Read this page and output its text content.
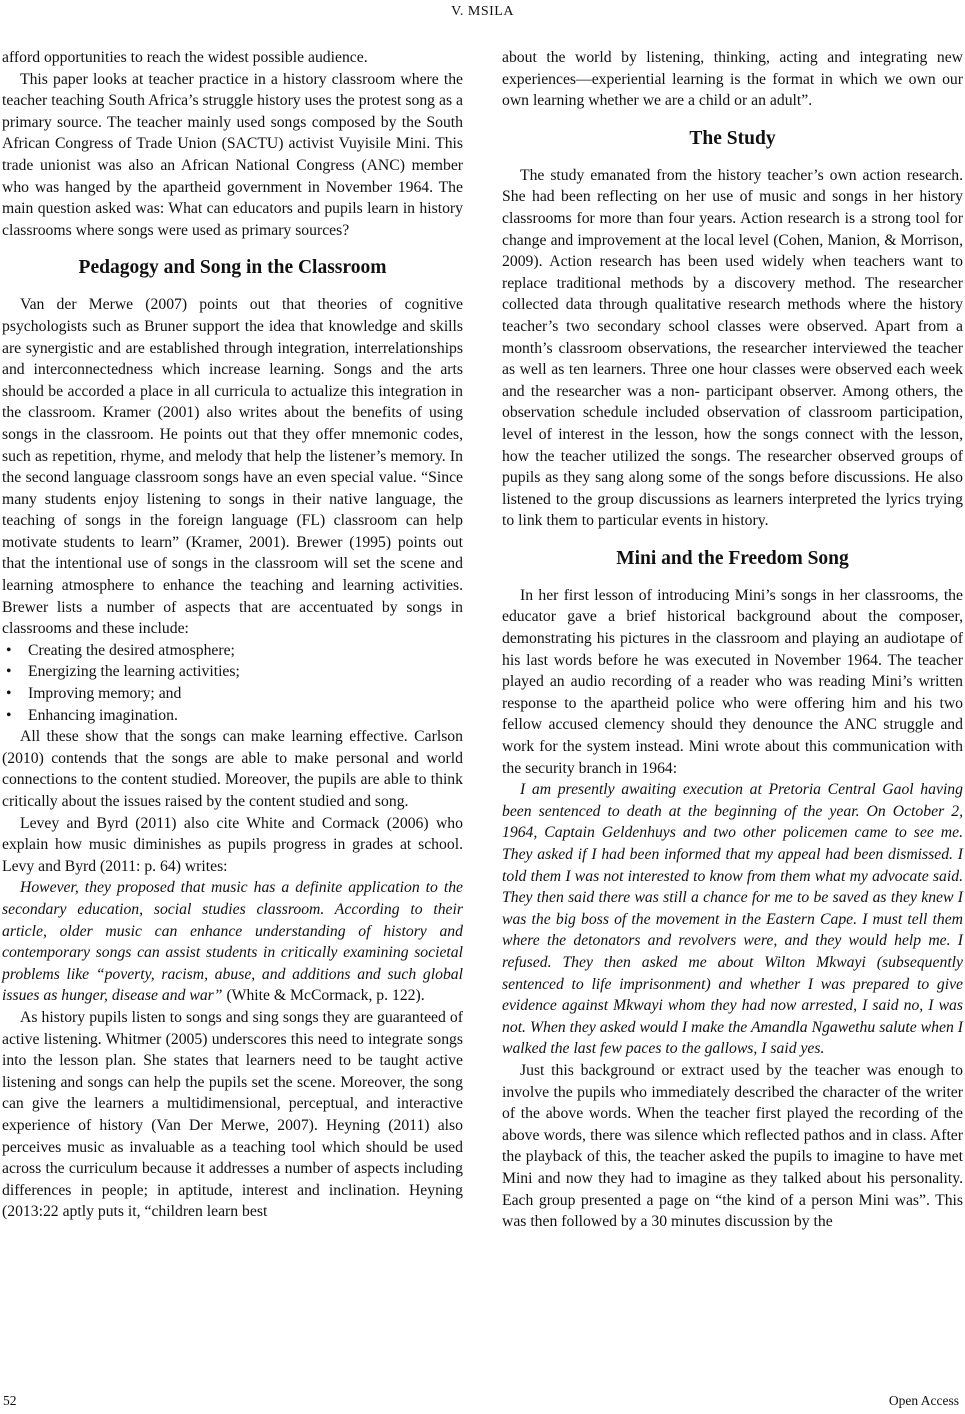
V. MSILA

afford opportunities to reach the widest possible audience.

This paper looks at teacher practice in a history classroom where the teacher teaching South Africa’s struggle history uses the protest song as a primary source. The teacher mainly used songs composed by the South African Congress of Trade Union (SACTU) activist Vuyisile Mini. This trade unionist was also an African National Congress (ANC) member who was hanged by the apartheid government in November 1964. The main question asked was: What can educators and pupils learn in history classrooms where songs were used as primary sources?

Pedagogy and Song in the Classroom

Van der Merwe (2007) points out that theories of cognitive psychologists such as Bruner support the idea that knowledge and skills are synergistic and are established through integration, interrelationships and interconnectedness which increase learning. Songs and the arts should be accorded a place in all curricula to actualize this integration in the classroom. Kramer (2001) also writes about the benefits of using songs in the classroom. He points out that they offer mnemonic codes, such as repetition, rhyme, and melody that help the listener’s memory. In the second language classroom songs have an even special value. “Since many students enjoy listening to songs in their native language, the teaching of songs in the foreign language (FL) classroom can help motivate students to learn” (Kramer, 2001). Brewer (1995) points out that the intentional use of songs in the classroom will set the scene and learning atmosphere to enhance the teaching and learning activities. Brewer lists a number of aspects that are accentuated by songs in classrooms and these include:

• Creating the desired atmosphere;
• Energizing the learning activities;
• Improving memory; and
• Enhancing imagination.

All these show that the songs can make learning effective. Carlson (2010) contends that the songs are able to make personal and world connections to the content studied. Moreover, the pupils are able to think critically about the issues raised by the content studied and song.

Levey and Byrd (2011) also cite White and Cormack (2006) who explain how music diminishes as pupils progress in grades at school. Levy and Byrd (2011: p. 64) writes:

However, they proposed that music has a definite application to the secondary education, social studies classroom. According to their article, older music can enhance understanding of history and contemporary songs can assist students in critically examining societal problems like “poverty, racism, abuse, and additions and such global issues as hunger, disease and war” (White & McCormack, p. 122).

As history pupils listen to songs and sing songs they are guaranteed of active listening. Whitmer (2005) underscores this need to integrate songs into the lesson plan. She states that learners need to be taught active listening and songs can help the pupils set the scene. Moreover, the song can give the learners a multidimensional, perceptual, and interactive experience of history (Van Der Merwe, 2007). Heyning (2011) also perceives music as invaluable as a teaching tool which should be used across the curriculum because it addresses a number of aspects including differences in people; in aptitude, interest and inclination. Heyning (2013:22 aptly puts it, “children learn best

about the world by listening, thinking, acting and integrating new experiences—experiential learning is the format in which we own our own learning whether we are a child or an adult”.

The Study

The study emanated from the history teacher’s own action research. She had been reflecting on her use of music and songs in her history classrooms for more than four years. Action research is a strong tool for change and improvement at the local level (Cohen, Manion, & Morrison, 2009). Action research has been used widely when teachers want to replace traditional methods by a discovery method. The researcher collected data through qualitative research methods where the history teacher’s two secondary school classes were observed. Apart from a month’s classroom observations, the researcher interviewed the teacher as well as ten learners. Three one hour classes were observed each week and the researcher was a non- participant observer. Among others, the observation schedule included observation of classroom participation, level of interest in the lesson, how the songs connect with the lesson, how the teacher utilized the songs. The researcher observed groups of pupils as they sang along some of the songs before discussions. He also listened to the group discussions as learners interpreted the lyrics trying to link them to particular events in history.

Mini and the Freedom Song

In her first lesson of introducing Mini’s songs in her classrooms, the educator gave a brief historical background about the composer, demonstrating his pictures in the classroom and playing an audiotape of his last words before he was executed in November 1964. The teacher played an audio recording of a reader who was reading Mini’s written response to the apartheid police who were offering him and his two fellow accused clemency should they denounce the ANC struggle and work for the system instead. Mini wrote about this communication with the security branch in 1964:

I am presently awaiting execution at Pretoria Central Gaol having been sentenced to death at the beginning of the year. On October 2, 1964, Captain Geldenhuys and two other policemen came to see me. They asked if I had been informed that my appeal had been dismissed. I told them I was not interested to know from them what my advocate said. They then said there was still a chance for me to be saved as they knew I was the big boss of the movement in the Eastern Cape. I must tell them where the detonators and revolvers were, and they would help me. I refused. They then asked me about Wilton Mkwayi (subsequently sentenced to life imprisonment) and whether I was prepared to give evidence against Mkwayi whom they had now arrested, I said no, I was not. When they asked would I make the Amandla Ngawethu salute when I walked the last few paces to the gallows, I said yes.

Just this background or extract used by the teacher was enough to involve the pupils who immediately described the character of the writer of the above words. When the teacher first played the recording of the above words, there was silence which reflected pathos and in class. After the playback of this, the teacher asked the pupils to imagine to have met Mini and now they had to imagine as they talked about his personality. Each group presented a page on “the kind of a person Mini was”. This was then followed by a 30 minutes discussion by the

52	Open Access
